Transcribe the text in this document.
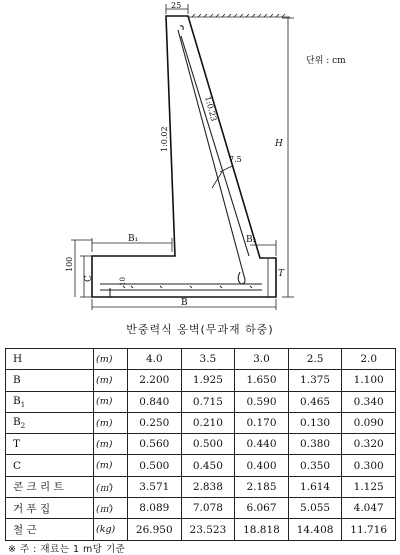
25
H
단위 : cm
1:0.02
1:0.23
7.5
B₁	B₂
T
C
100
10
B
반중력식 옹벽(무과재 하중)
H	(m)	4.0	3.5	3.0	2.5	2.0
B	(m)	2.200	1.925	1.650	1.375	1.100
$B_1$	(m)	0.840	0.715	0.590	0.465	0.340
$B_2$	(m)	0.250	0.210	0.170	0.130	0.090
T	(m)	0.560	0.500	0.440	0.380	0.320
C	(m)	0.500	0.450	0.400	0.350	0.300
콘 크 리 트	(㎥)	3.571	2.838	2.185	1.614	1.125
거 푸 집	(㎡)	8.089	7.078	6.067	5.055	4.047
철 근	(kg)	26.950	23.523	18.818	14.408	11.716
※ 주 : 재료는 1 m당 기준
